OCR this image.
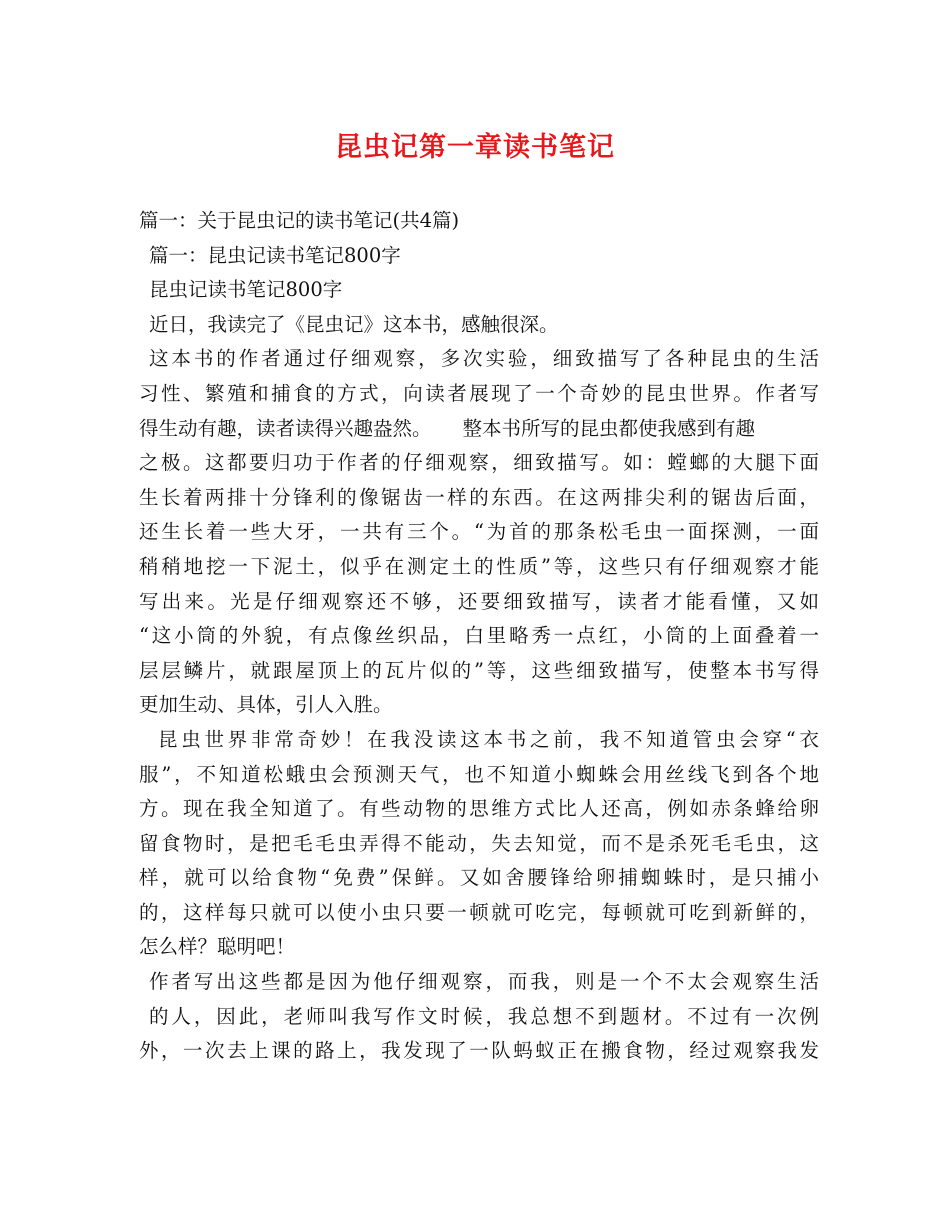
昆虫记第一章读书笔记
篇一：关于昆虫记的读书笔记(共4篇)
篇一：昆虫记读书笔记800字
昆虫记读书笔记800字
近日，我读完了《昆虫记》这本书，感触很深。
这本书的作者通过仔细观察，多次实验，细致描写了各种昆虫的生活
习性、繁殖和捕食的方式，向读者展现了一个奇妙的昆虫世界。作者写
得生动有趣，读者读得兴趣盎然。     整本书所写的昆虫都使我感到有趣
之极。这都要归功于作者的仔细观察，细致描写。如：螳螂的大腿下面
生长着两排十分锋利的像锯齿一样的东西。在这两排尖利的锯齿后面，
还生长着一些大牙，一共有三个。“为首的那条松毛虫一面探测，一面
稍稍地挖一下泥土，似乎在测定土的性质”等，这些只有仔细观察才能
写出来。光是仔细观察还不够，还要细致描写，读者才能看懂，又如
“这小筒的外貌，有点像丝织品，白里略秀一点红，小筒的上面叠着一
层层鳞片，就跟屋顶上的瓦片似的”等，这些细致描写，使整本书写得
更加生动、具体，引人入胜。
昆虫世界非常奇妙！在我没读这本书之前，我不知道管虫会穿“衣
服”，不知道松蛾虫会预测天气，也不知道小蜘蛛会用丝线飞到各个地
方。现在我全知道了。有些动物的思维方式比人还高，例如赤条蜂给卵
留食物时，是把毛毛虫弄得不能动，失去知觉，而不是杀死毛毛虫，这
样，就可以给食物“免费”保鲜。又如舍腰锋给卵捕蜘蛛时，是只捕小
的，这样每只就可以使小虫只要一顿就可吃完，每顿就可吃到新鲜的，
怎么样？聪明吧！
作者写出这些都是因为他仔细观察，而我，则是一个不太会观察生活
的人，因此，老师叫我写作文时候，我总想不到题材。不过有一次例
外，一次去上课的路上，我发现了一队蚂蚁正在搬食物，经过观察我发
